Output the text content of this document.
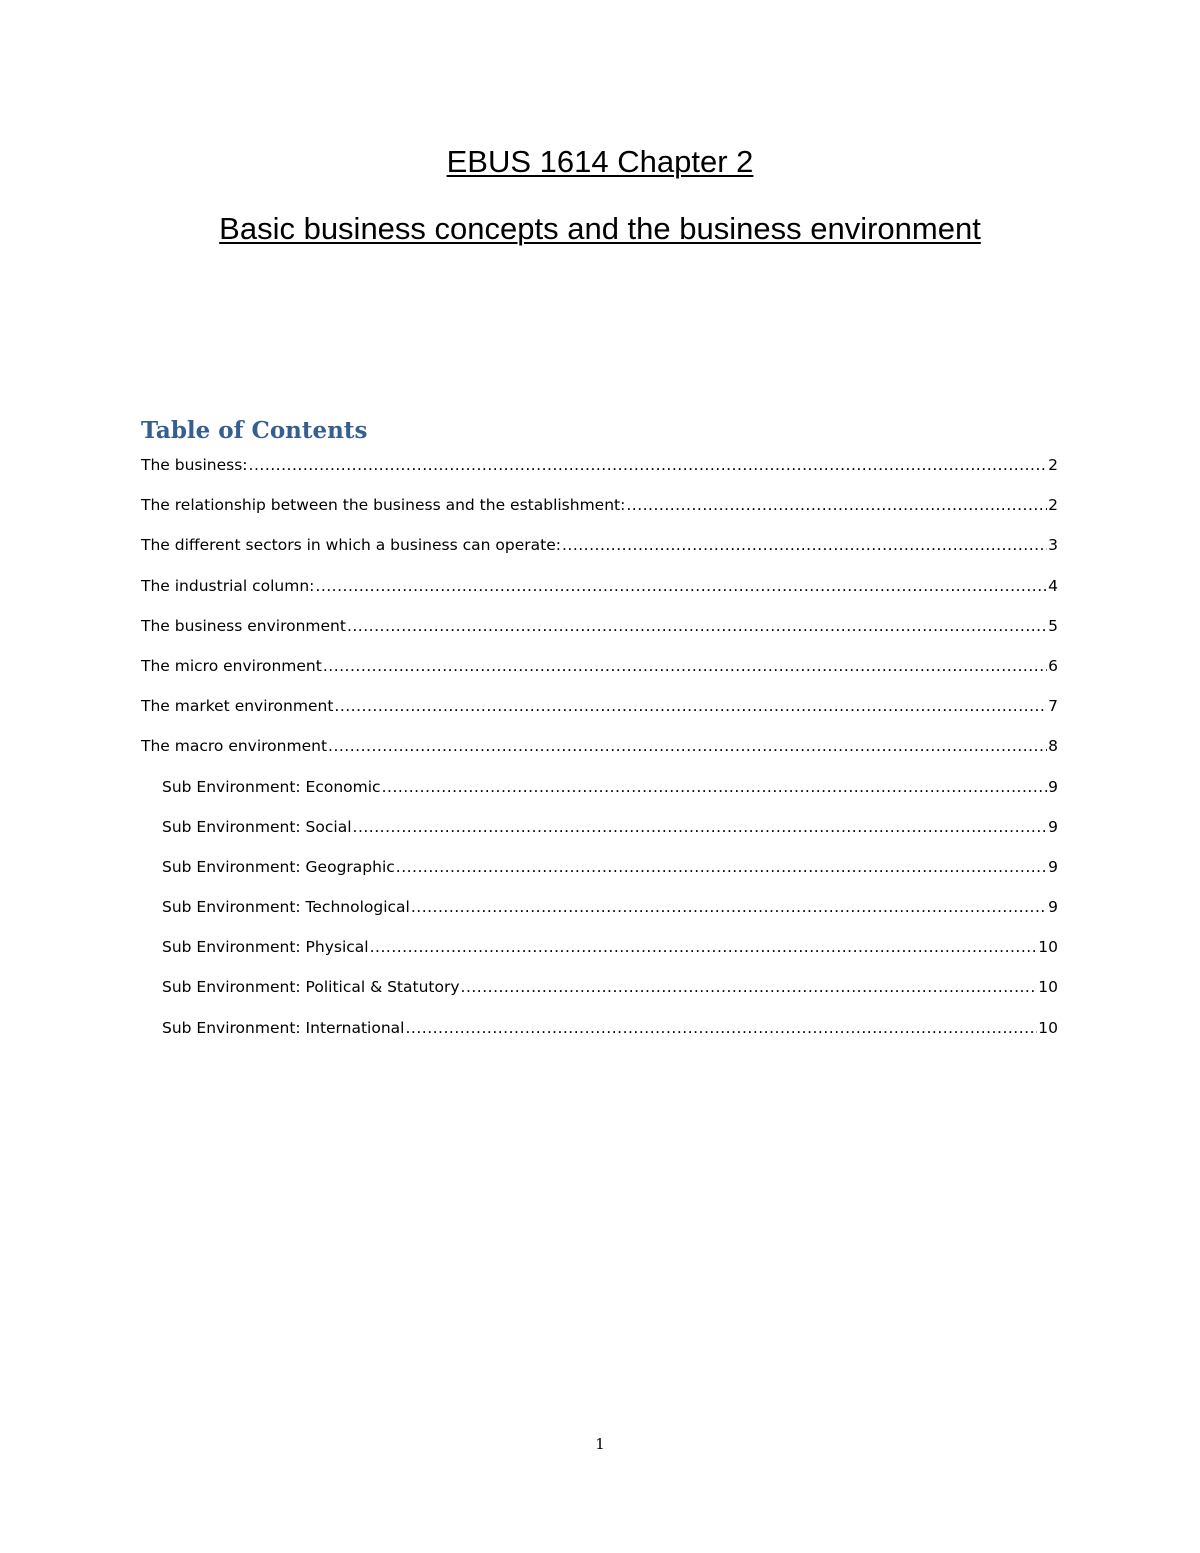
EBUS 1614 Chapter 2
Basic business concepts and the business environment
Table of Contents
The business: .....	2
The relationship between the business and the establishment: .....	2
The different sectors in which a business can operate: .....	3
The industrial column: .....	4
The business environment .....	5
The micro environment .....	6
The market environment .....	7
The macro environment .....	8
Sub Environment: Economic .....	9
Sub Environment: Social .....	9
Sub Environment: Geographic .....	9
Sub Environment: Technological .....	9
Sub Environment: Physical .....	10
Sub Environment: Political & Statutory .....	10
Sub Environment: International .....	10
1
